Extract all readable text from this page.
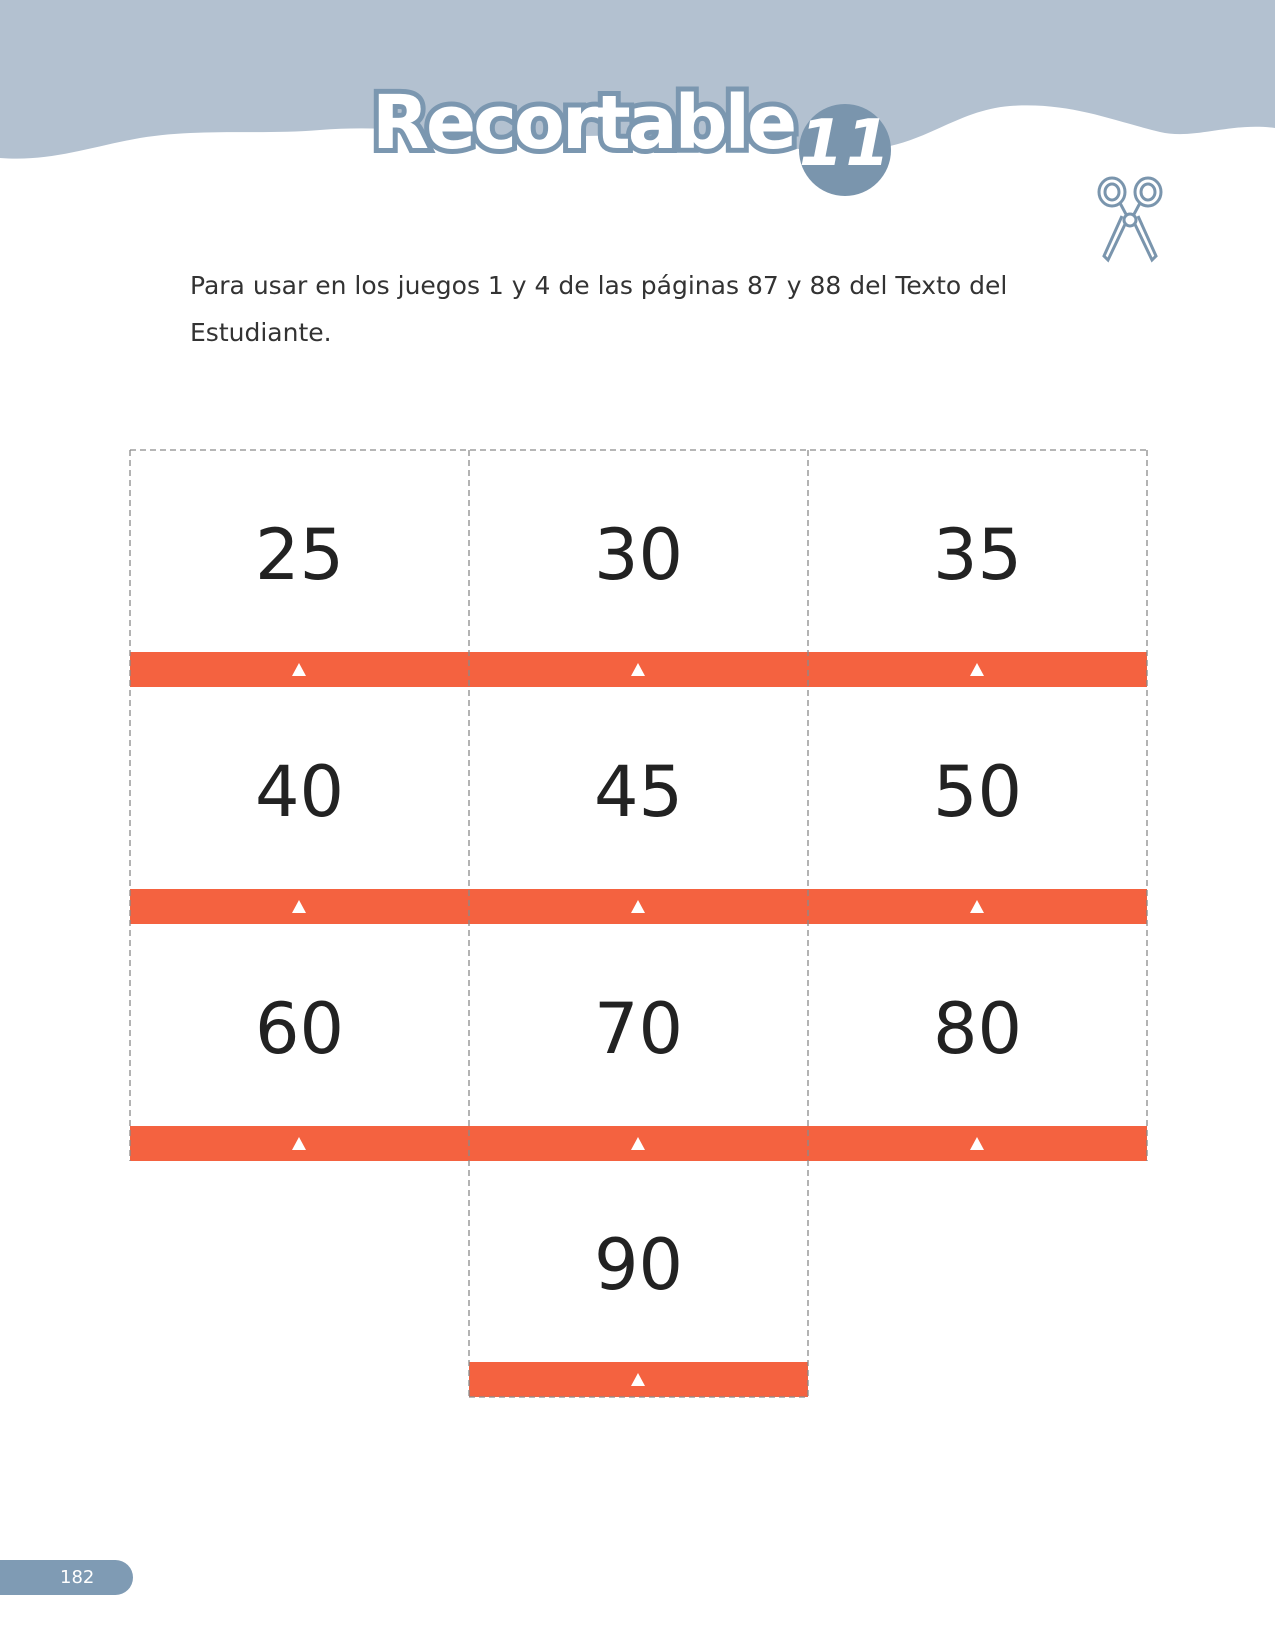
Recortable 11
Para usar en los juegos 1 y 4 de las páginas 87 y 88 del Texto del Estudiante.
25	30	35
40	45	50
60	70	80
90
182
